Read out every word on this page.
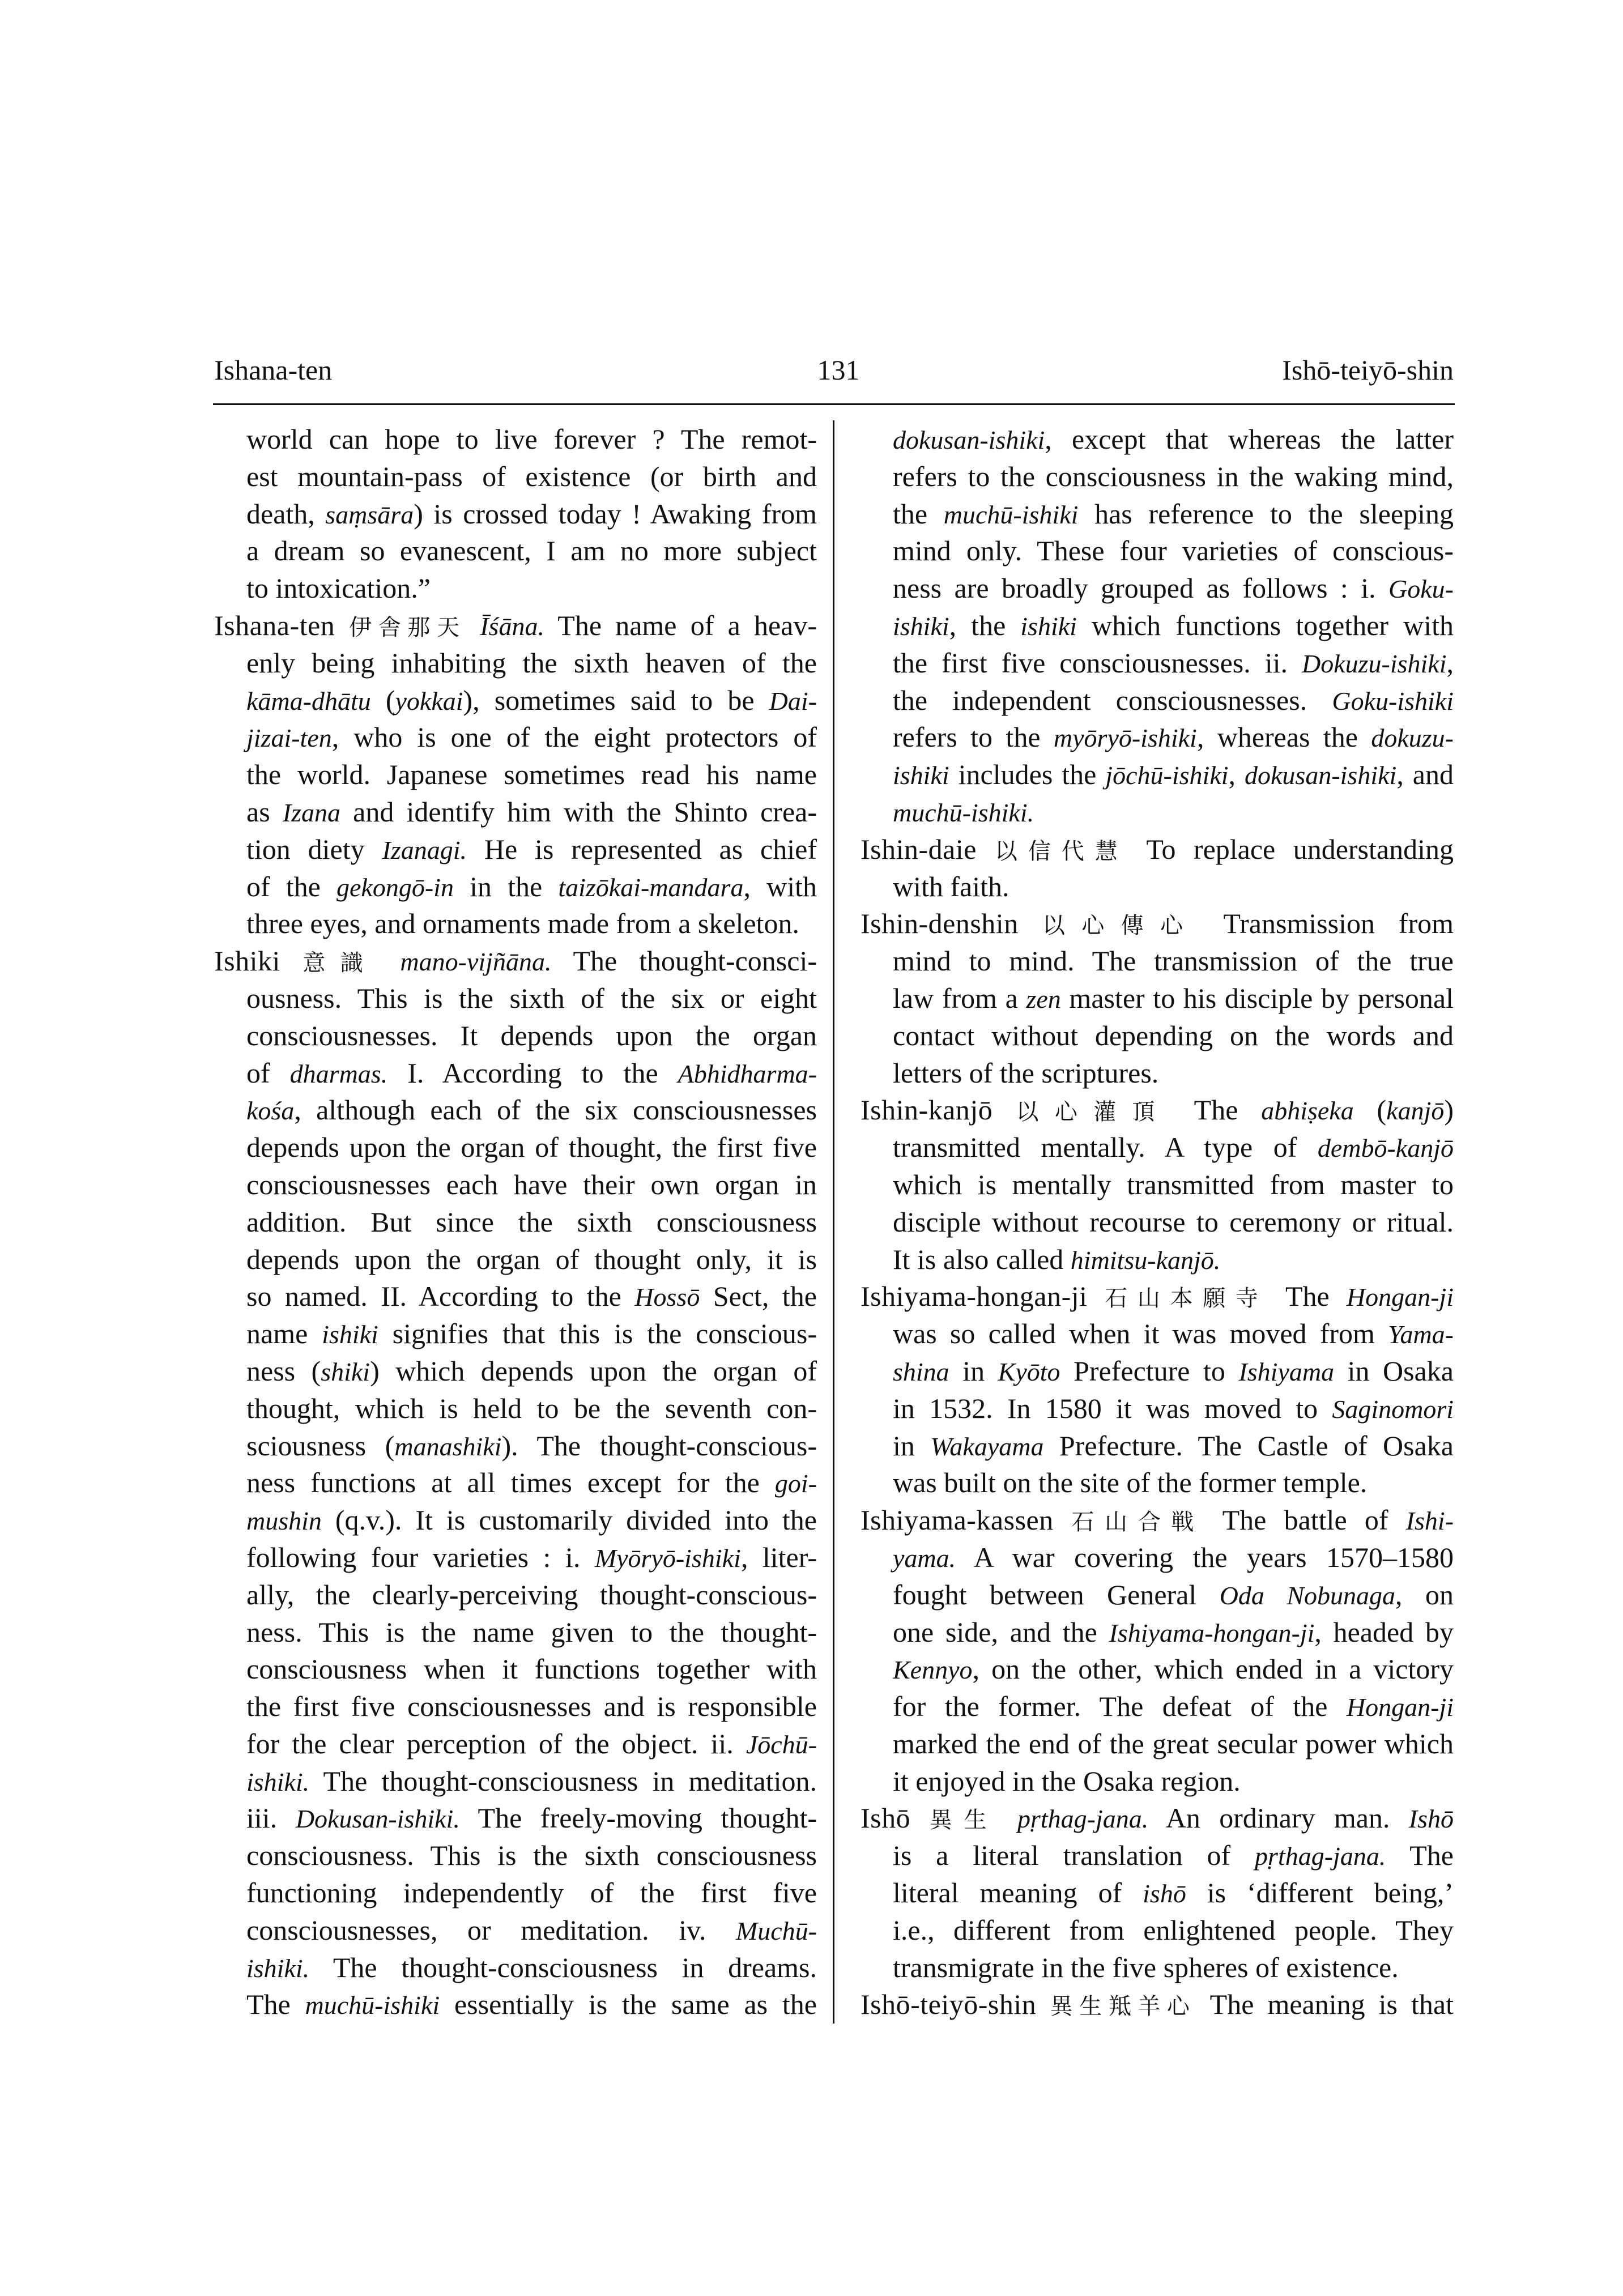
Ishana-ten	131	Ishō-teiyō-shin
world can hope to live forever ? The remot-
est mountain-pass of existence (or birth and
death, saṃsāra) is crossed today ! Awaking from
a dream so evanescent, I am no more subject
to intoxication.”
Ishana-ten 伊舎那天 Īśāna. The name of a heav-
enly being inhabiting the sixth heaven of the
kāma-dhātu (yokkai), sometimes said to be Dai-
jizai-ten, who is one of the eight protectors of
the world. Japanese sometimes read his name
as Izana and identify him with the Shinto crea-
tion diety Izanagi. He is represented as chief
of the gekongō-in in the taizōkai-mandara, with
three eyes, and ornaments made from a skeleton.
Ishiki 意識 mano-vijñāna. The thought-consci-
ousness. This is the sixth of the six or eight
consciousnesses. It depends upon the organ
of dharmas. I. According to the Abhidharma-
kośa, although each of the six consciousnesses
depends upon the organ of thought, the first five
consciousnesses each have their own organ in
addition. But since the sixth consciousness
depends upon the organ of thought only, it is
so named. II. According to the Hossō Sect, the
name ishiki signifies that this is the conscious-
ness (shiki) which depends upon the organ of
thought, which is held to be the seventh con-
sciousness (manashiki). The thought-conscious-
ness functions at all times except for the goi-
mushin (q.v.). It is customarily divided into the
following four varieties : i. Myōryō-ishiki, liter-
ally, the clearly-perceiving thought-conscious-
ness. This is the name given to the thought-
consciousness when it functions together with
the first five consciousnesses and is responsible
for the clear perception of the object. ii. Jōchū-
ishiki. The thought-consciousness in meditation.
iii. Dokusan-ishiki. The freely-moving thought-
consciousness. This is the sixth consciousness
functioning independently of the first five
consciousnesses, or meditation. iv. Muchū-
ishiki. The thought-consciousness in dreams.
The muchū-ishiki essentially is the same as the
dokusan-ishiki, except that whereas the latter
refers to the consciousness in the waking mind,
the muchū-ishiki has reference to the sleeping
mind only. These four varieties of conscious-
ness are broadly grouped as follows : i. Goku-
ishiki, the ishiki which functions together with
the first five consciousnesses. ii. Dokuzu-ishiki,
the independent consciousnesses. Goku-ishiki
refers to the myōryō-ishiki, whereas the dokuzu-
ishiki includes the jōchū-ishiki, dokusan-ishiki, and
muchū-ishiki.
Ishin-daie 以信代慧 To replace understanding
with faith.
Ishin-denshin 以心傳心 Transmission from
mind to mind. The transmission of the true
law from a zen master to his disciple by personal
contact without depending on the words and
letters of the scriptures.
Ishin-kanjō 以心灌頂 The abhiṣeka (kanjō)
transmitted mentally. A type of dembō-kanjō
which is mentally transmitted from master to
disciple without recourse to ceremony or ritual.
It is also called himitsu-kanjō.
Ishiyama-hongan-ji 石山本願寺 The Hongan-ji
was so called when it was moved from Yama-
shina in Kyōto Prefecture to Ishiyama in Osaka
in 1532. In 1580 it was moved to Saginomori
in Wakayama Prefecture. The Castle of Osaka
was built on the site of the former temple.
Ishiyama-kassen 石山合戦 The battle of Ishi-
yama. A war covering the years 1570–1580
fought between General Oda Nobunaga, on
one side, and the Ishiyama-hongan-ji, headed by
Kennyo, on the other, which ended in a victory
for the former. The defeat of the Hongan-ji
marked the end of the great secular power which
it enjoyed in the Osaka region.
Ishō 異生 pṛthag-jana. An ordinary man. Ishō
is a literal translation of pṛthag-jana. The
literal meaning of ishō is ‘different being,’
i.e., different from enlightened people. They
transmigrate in the five spheres of existence.
Ishō-teiyō-shin 異生羝羊心 The meaning is that
